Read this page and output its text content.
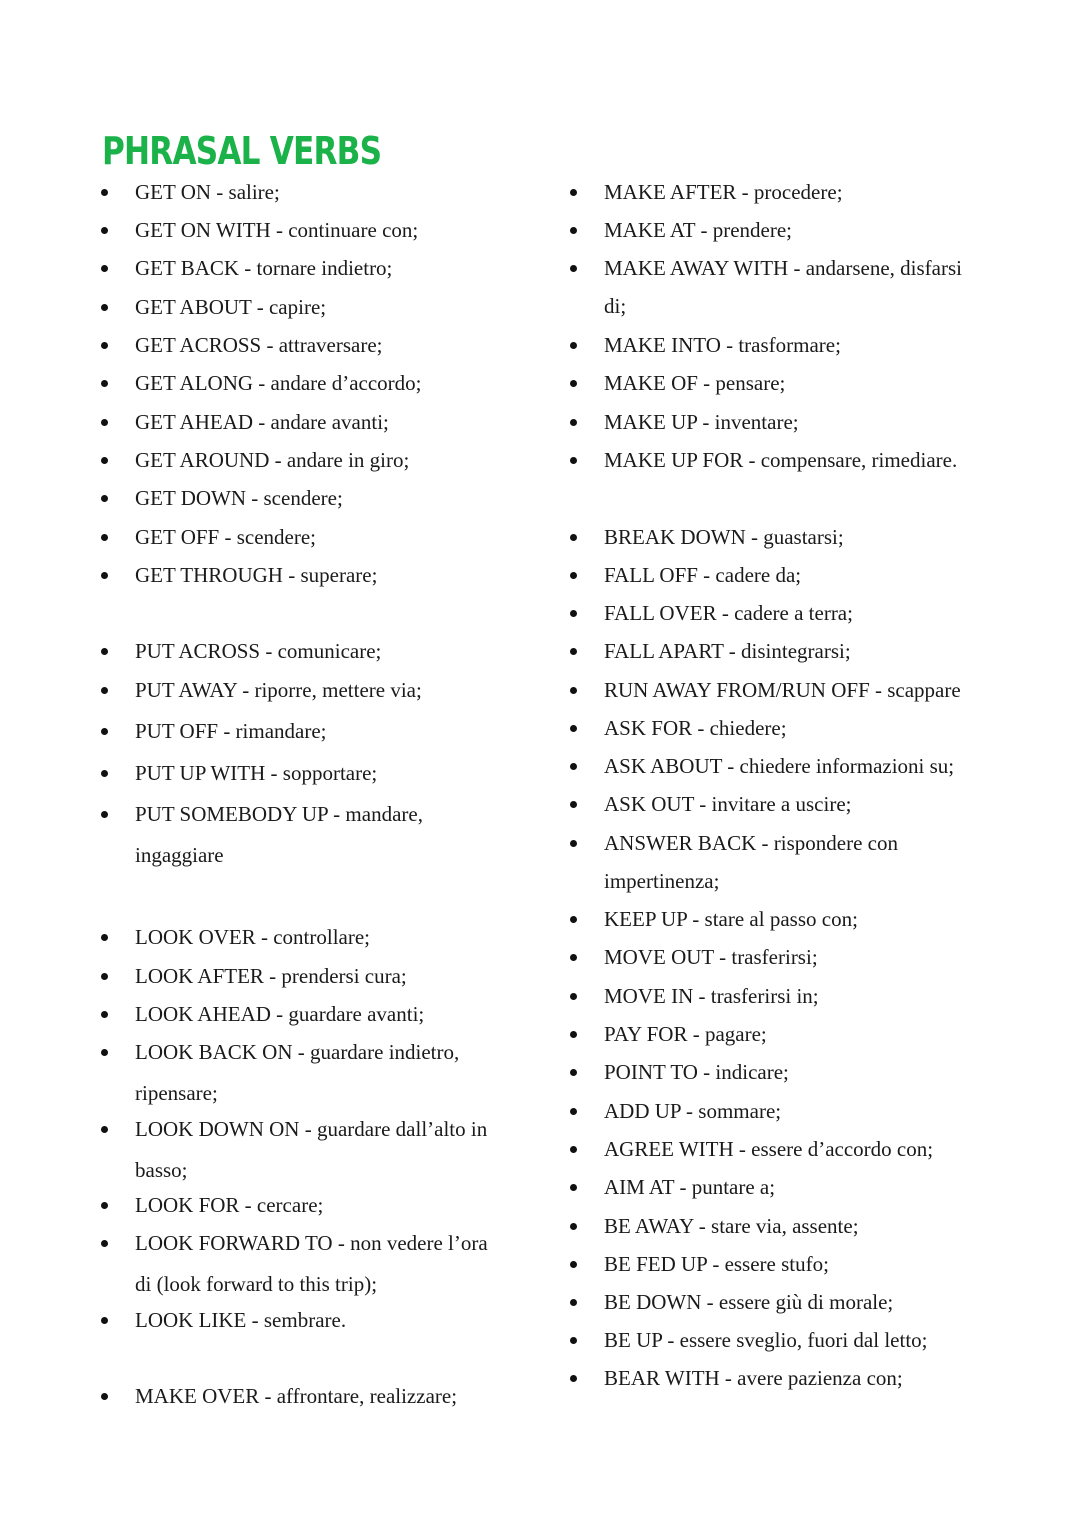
PHRASAL VERBS
GET ON - salire;
GET ON WITH - continuare con;
GET BACK - tornare indietro;
GET ABOUT - capire;
GET ACROSS - attraversare;
GET ALONG - andare d’accordo;
GET AHEAD - andare avanti;
GET AROUND - andare in giro;
GET DOWN - scendere;
GET OFF - scendere;
GET THROUGH - superare;
PUT ACROSS - comunicare;
PUT AWAY - riporre, mettere via;
PUT OFF - rimandare;
PUT UP WITH - sopportare;
PUT SOMEBODY UP - mandare,
ingaggiare
LOOK OVER - controllare;
LOOK AFTER - prendersi cura;
LOOK AHEAD - guardare avanti;
LOOK BACK ON - guardare indietro,
ripensare;
LOOK DOWN ON - guardare dall’alto in
basso;
LOOK FOR - cercare;
LOOK FORWARD TO - non vedere l’ora
di (look forward to this trip);
LOOK LIKE - sembrare.
MAKE OVER - affrontare, realizzare;
MAKE AFTER - procedere;
MAKE AT - prendere;
MAKE AWAY WITH - andarsene, disfarsi
di;
MAKE INTO - trasformare;
MAKE OF - pensare;
MAKE UP - inventare;
MAKE UP FOR - compensare, rimediare.
BREAK DOWN - guastarsi;
FALL OFF - cadere da;
FALL OVER - cadere a terra;
FALL APART - disintegrarsi;
RUN AWAY FROM/RUN OFF - scappare
ASK FOR - chiedere;
ASK ABOUT - chiedere informazioni su;
ASK OUT - invitare a uscire;
ANSWER BACK - rispondere con
impertinenza;
KEEP UP - stare al passo con;
MOVE OUT - trasferirsi;
MOVE IN - trasferirsi in;
PAY FOR - pagare;
POINT TO - indicare;
ADD UP - sommare;
AGREE WITH - essere d’accordo con;
AIM AT - puntare a;
BE AWAY - stare via, assente;
BE FED UP - essere stufo;
BE DOWN - essere giù di morale;
BE UP - essere sveglio, fuori dal letto;
BEAR WITH - avere pazienza con;
